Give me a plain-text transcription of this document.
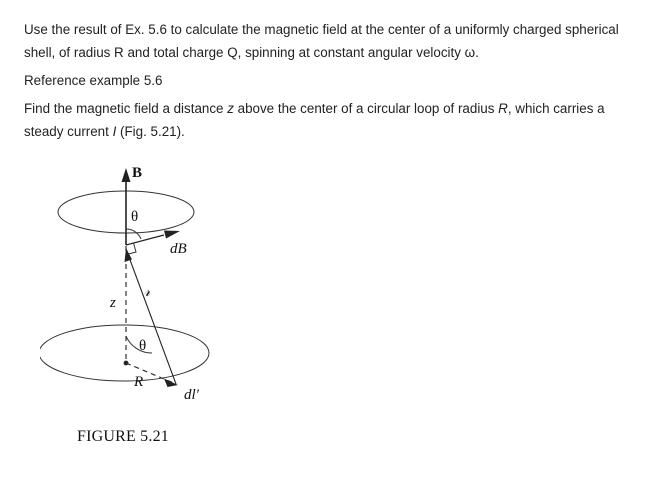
Use the result of Ex. 5.6 to calculate the magnetic field at the center of a uniformly charged spherical shell, of radius R and total charge Q, spinning at constant angular velocity ω.

Reference example 5.6

Find the magnetic field a distance z above the center of a circular loop of radius R, which carries a steady current I (Fig. 5.21).

B
θ
dB
𝓇
z
θ
R
dl′

FIGURE 5.21
